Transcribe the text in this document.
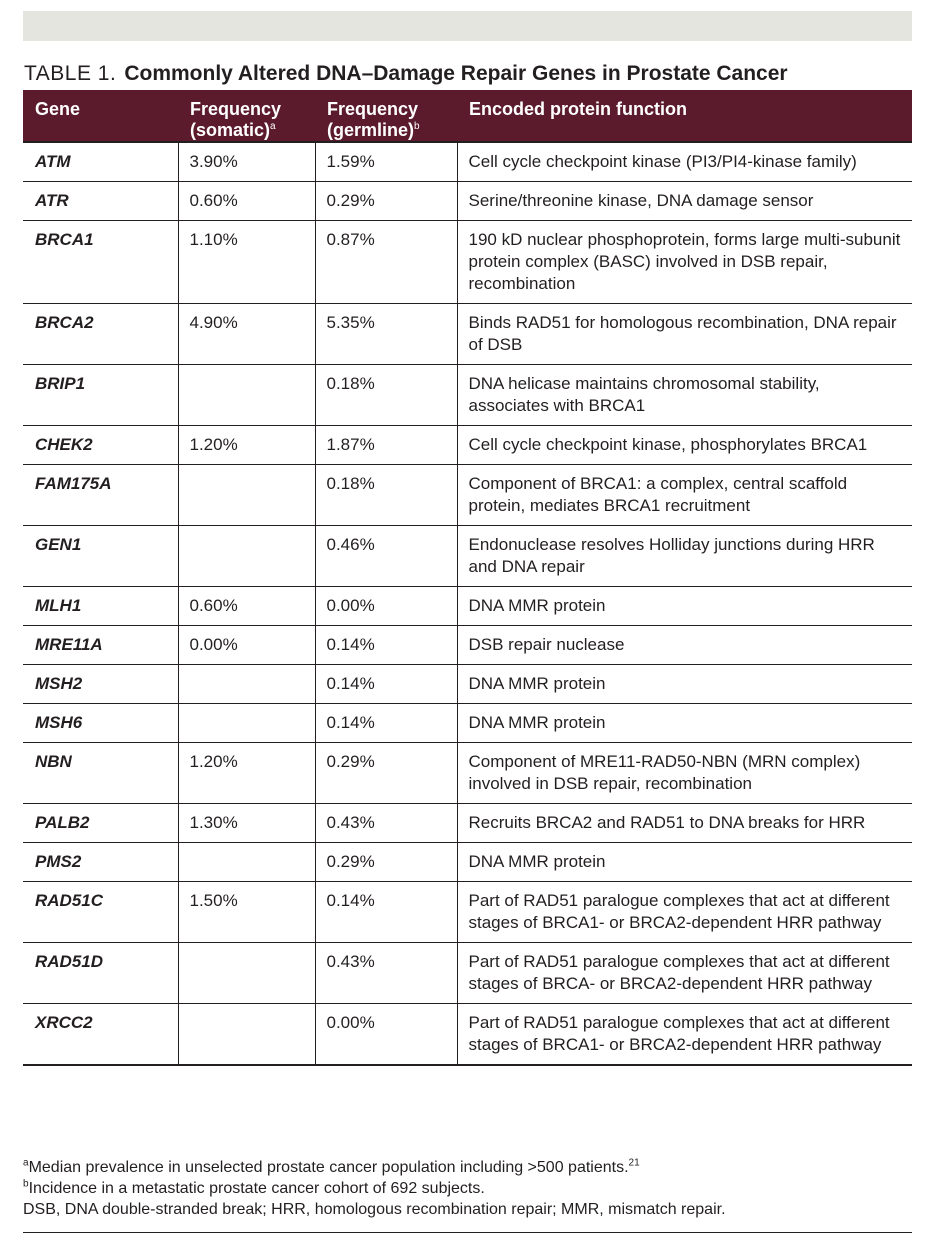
TABLE 1. Commonly Altered DNA–Damage Repair Genes in Prostate Cancer
Gene	Frequency (somatic)$^a$	Frequency (germline)$^b$	Encoded protein function
ATM	3.90%	1.59%	Cell cycle checkpoint kinase (PI3/PI4-kinase family)
ATR	0.60%	0.29%	Serine/threonine kinase, DNA damage sensor
BRCA1	1.10%	0.87%	190 kD nuclear phosphoprotein, forms large multi-subunit protein complex (BASC) involved in DSB repair, recombination
BRCA2	4.90%	5.35%	Binds RAD51 for homologous recombination, DNA repair of DSB
BRIP1		0.18%	DNA helicase maintains chromosomal stability, associates with BRCA1
CHEK2	1.20%	1.87%	Cell cycle checkpoint kinase, phosphorylates BRCA1
FAM175A		0.18%	Component of BRCA1: a complex, central scaffold protein, mediates BRCA1 recruitment
GEN1		0.46%	Endonuclease resolves Holliday junctions during HRR and DNA repair
MLH1	0.60%	0.00%	DNA MMR protein
MRE11A	0.00%	0.14%	DSB repair nuclease
MSH2		0.14%	DNA MMR protein
MSH6		0.14%	DNA MMR protein
NBN	1.20%	0.29%	Component of MRE11-RAD50-NBN (MRN complex) involved in DSB repair, recombination
PALB2	1.30%	0.43%	Recruits BRCA2 and RAD51 to DNA breaks for HRR
PMS2		0.29%	DNA MMR protein
RAD51C	1.50%	0.14%	Part of RAD51 paralogue complexes that act at different stages of BRCA1- or BRCA2-dependent HRR pathway
RAD51D		0.43%	Part of RAD51 paralogue complexes that act at different stages of BRCA- or BRCA2-dependent HRR pathway
XRCC2		0.00%	Part of RAD51 paralogue complexes that act at different stages of BRCA1- or BRCA2-dependent HRR pathway
$^a$Median prevalence in unselected prostate cancer population including >500 patients.$^{21}$
$^b$Incidence in a metastatic prostate cancer cohort of 692 subjects.
DSB, DNA double-stranded break; HRR, homologous recombination repair; MMR, mismatch repair.
